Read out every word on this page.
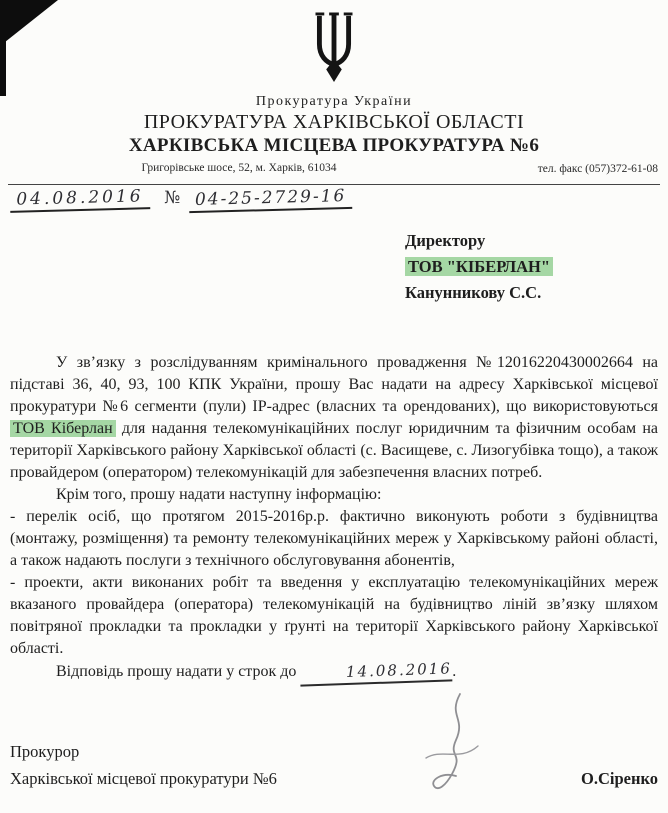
Прокуратура України
ПРОКУРАТУРА ХАРКІВСЬКОЇ ОБЛАСТІ
ХАРКІВСЬКА МІСЦЕВА ПРОКУРАТУРА №6
Григорівське шосе, 52, м. Харків, 61034	тел. факс (057)372-61-08
04.08.2016 № 04-25-2729-16
Директору
ТОВ "КІБЕРЛАН"
Канунникову С.С.

У зв’язку з розслідуванням кримінального провадження №12016220430002664 на підставі 36, 40, 93, 100 КПК України, прошу Вас надати на адресу Харківської місцевої прокуратури №6 сегменти (пули) ІР-адрес (власних та орендованих), що використовуються ТОВ Кіберлан для надання телекомунікаційних послуг юридичним та фізичним особам на території Харківського району Харківської області (с. Васищеве, с. Лизогубівка тощо), а також провайдером (оператором) телекомунікацій для забезпечення власних потреб.

Крім того, прошу надати наступну інформацію:

- перелік осіб, що протягом 2015-2016р.р. фактично виконують роботи з будівництва (монтажу, розміщення) та ремонту телекомунікаційних мереж у Харківському районі області, а також надають послуги з технічного обслуговування абонентів,

- проекти, акти виконаних робіт та введення у експлуатацію телекомунікаційних мереж вказаного провайдера (оператора) телекомунікацій на будівництво ліній зв’язку шляхом повітряної прокладки та прокладки у ґрунті на території Харківського району Харківської області.

Відповідь прошу надати у строк до	14.08.2016.

Прокурор
Харківської місцевої прокуратури №6	О.Сіренко
